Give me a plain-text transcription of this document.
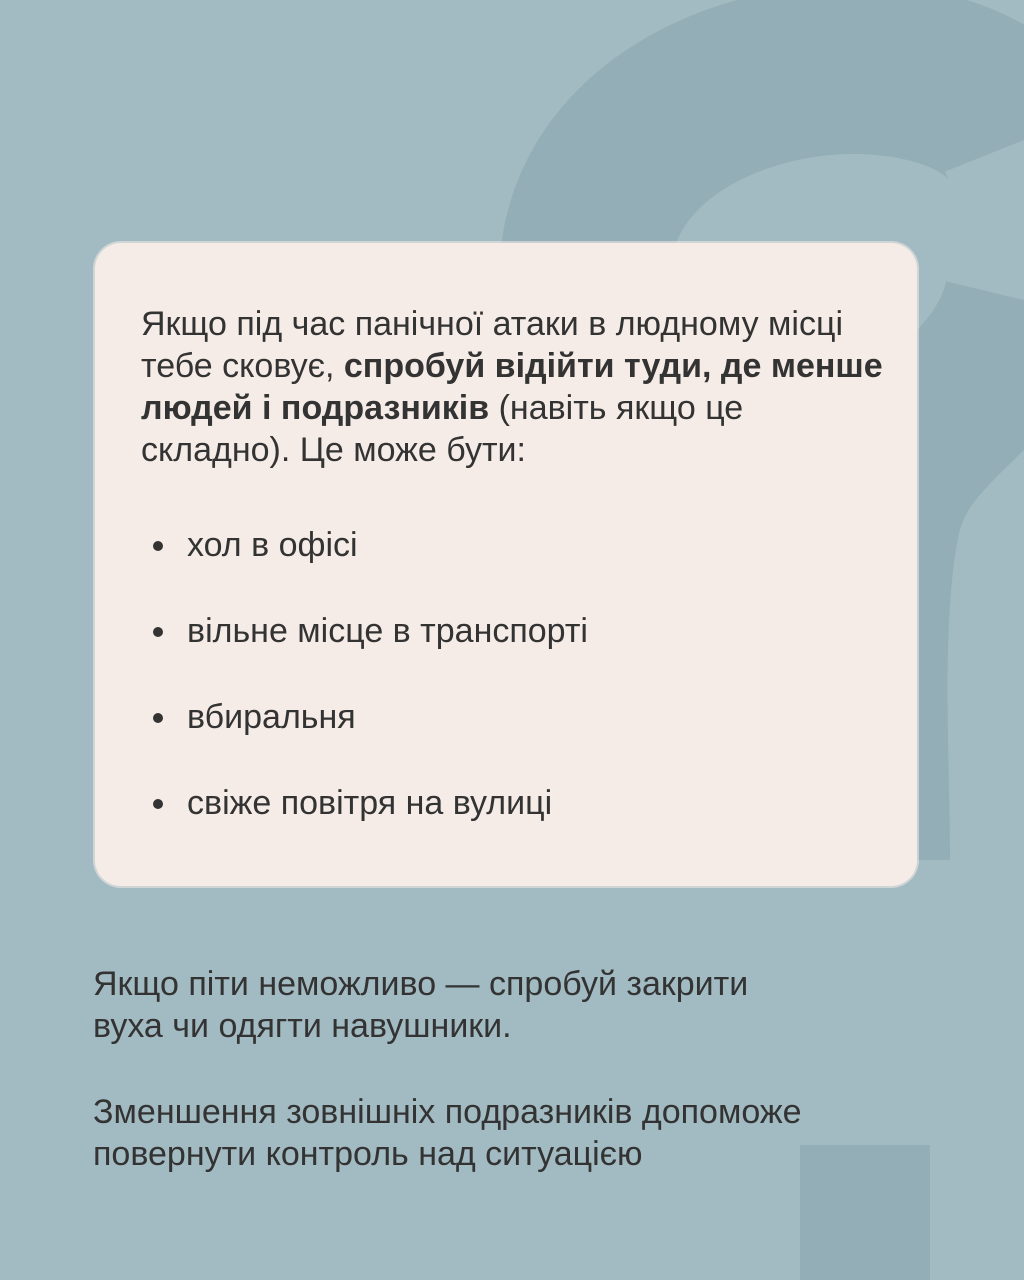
Якщо під час панічної атаки в людному місці тебе сковує, спробуй відійти туди, де менше людей і подразників (навіть якщо це складно). Це може бути:

хол в офісі
вільне місце в транспорті
вбиральня
свіже повітря на вулиці

Якщо піти неможливо — спробуй закрити вуха чи одягти навушники.

Зменшення зовнішніх подразників допоможе повернути контроль над ситуацією
